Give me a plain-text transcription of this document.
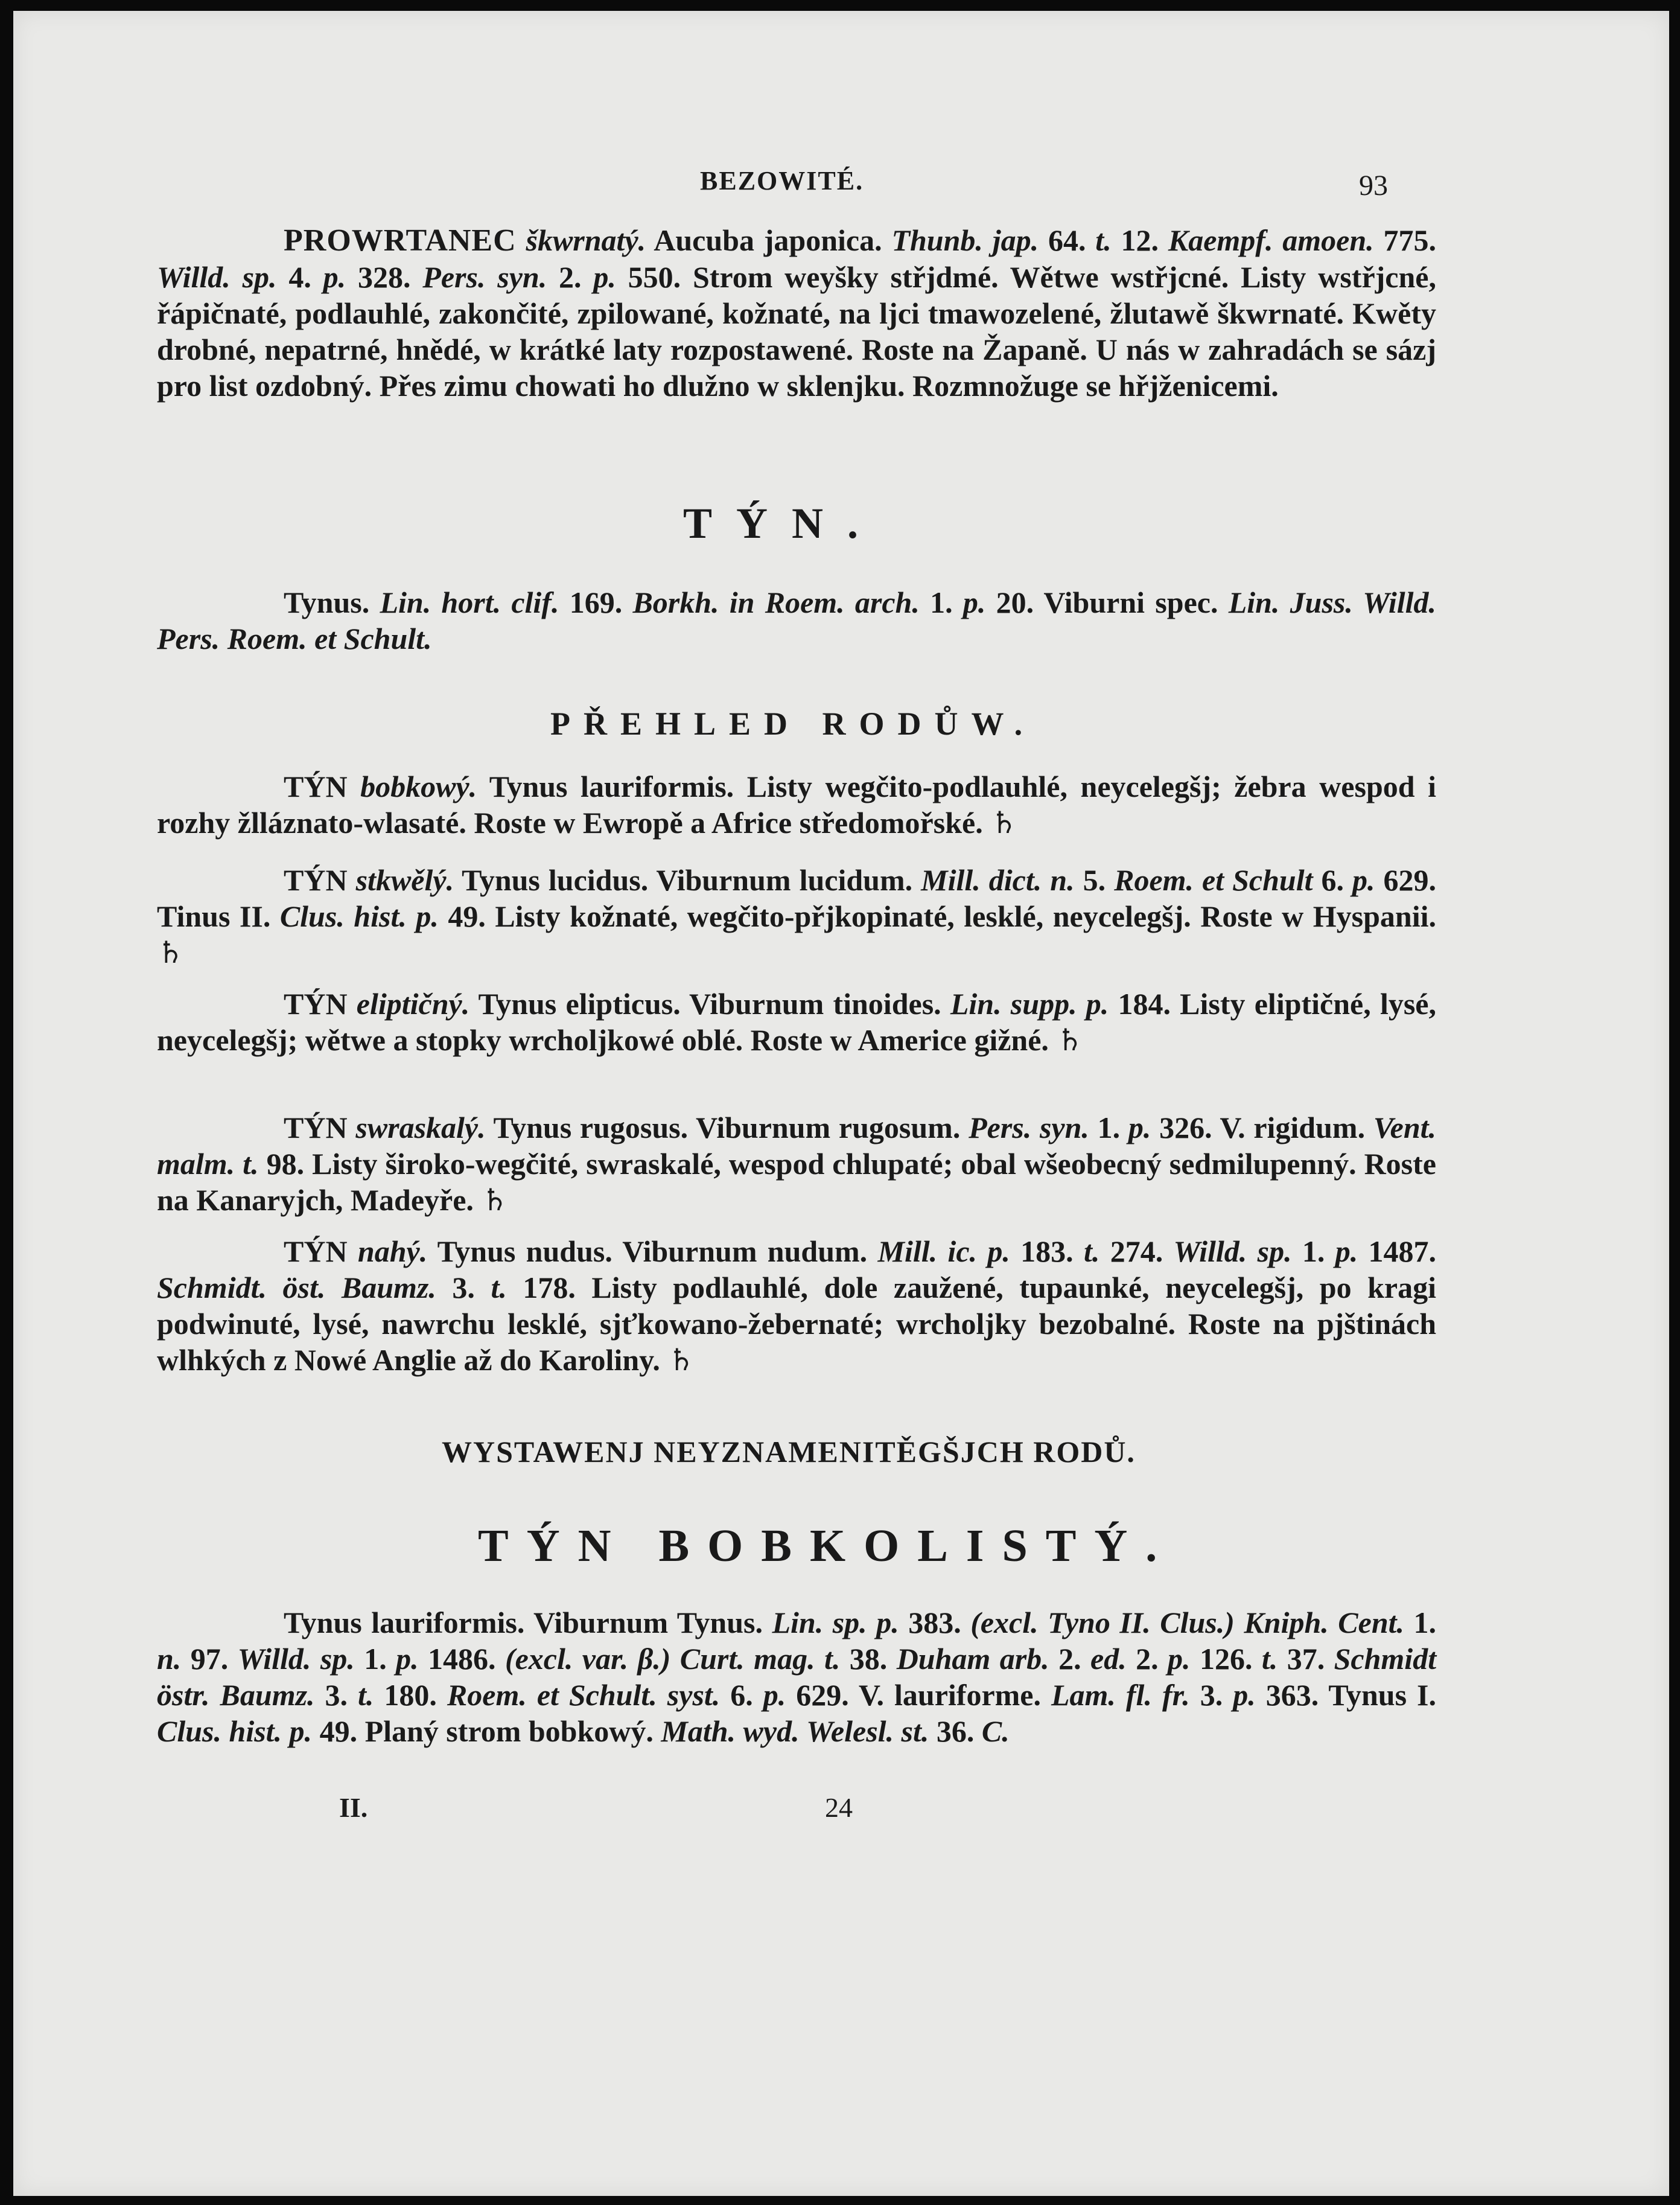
BEZOWITÉ.	93
PROWRTANEC škwrnatý. Aucuba japonica. Thunb. jap. 64. t. 12. Kaempf. amoen. 775. Willd. sp. 4. p. 328. Pers. syn. 2. p. 550. Strom weyšky střjdmé. Wětwe wstřjcné. Listy wstřjcné, řápičnaté, podlauhlé, zakončité, zpilowané, kožnaté, na ljci tmawozelené, žlutawě škwrnaté. Kwěty drobné, nepatrné, hnědé, w krátké laty rozpostawené. Roste na Žapaně. U nás w zahradách se sázj pro list ozdobný. Přes zimu chowati ho dlužno w sklenjku. Rozmnožuge se hřjženicemi.
TÝN.
Tynus. Lin. hort. clif. 169. Borkh. in Roem. arch. 1. p. 20. Viburni spec. Lin. Juss. Willd. Pers. Roem. et Schult.
PŘEHLED RODŮW.
TÝN bobkowý. Tynus lauriformis. Listy wegčito-podlauhlé, neycelegšj; žebra wespod i rozhy žlláznato-wlasaté. Roste w Ewropě a Africe středomořské. ♄
TÝN stkwělý. Tynus lucidus. Viburnum lucidum. Mill. dict. n. 5. Roem. et Schult 6. p. 629. Tinus II. Clus. hist. p. 49. Listy kožnaté, wegčito-přjkopinaté, lesklé, neycelegšj. Roste w Hyspanii. ♄
TÝN eliptičný. Tynus elipticus. Viburnum tinoides. Lin. supp. p. 184. Listy eliptičné, lysé, neycelegšj; wětwe a stopky wrcholjkowé oblé. Roste w Americe gižné. ♄
TÝN swraskalý. Tynus rugosus. Viburnum rugosum. Pers. syn. 1. p. 326. V. rigidum. Vent. malm. t. 98. Listy široko-wegčité, swraskalé, wespod chlupaté; obal wšeobecný sedmilupenný. Roste na Kanaryjch, Madeyře. ♄
TÝN nahý. Tynus nudus. Viburnum nudum. Mill. ic. p. 183. t. 274. Willd. sp. 1. p. 1487. Schmidt. öst. Baumz. 3. t. 178. Listy podlauhlé, dole zaužené, tupaunké, neycelegšj, po kragi podwinuté, lysé, nawrchu lesklé, sjťkowano-žebernaté; wrcholjky bezobalné. Roste na pjštinách wlhkých z Nowé Anglie až do Karoliny. ♄
WYSTAWENJ NEYZNAMENITĚGŠJCH RODŮ.
TÝN BOBKOLISTÝ.
Tynus lauriformis. Viburnum Tynus. Lin. sp. p. 383. (excl. Tyno II. Clus.) Kniph. Cent. 1. n. 97. Willd. sp. 1. p. 1486. (excl. var. β.) Curt. mag. t. 38. Duham arb. 2. ed. 2. p. 126. t. 37. Schmidt östr. Baumz. 3. t. 180. Roem. et Schult. syst. 6. p. 629. V. lauriforme. Lam. fl. fr. 3. p. 363. Tynus I. Clus. hist. p. 49. Planý strom bobkowý. Math. wyd. Welesl. st. 36. C.
II.	24
